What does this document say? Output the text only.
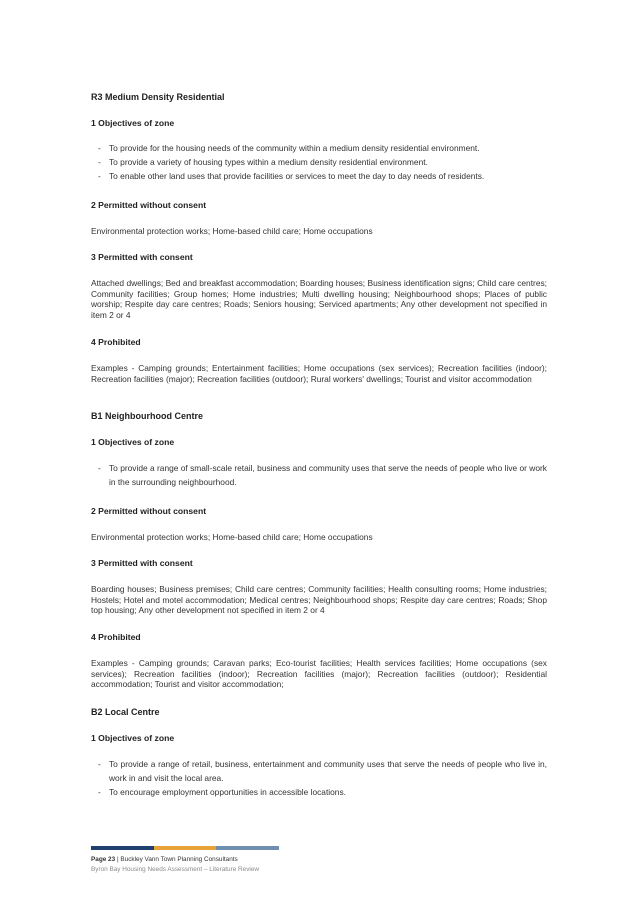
R3 Medium Density Residential
1 Objectives of zone
- To provide for the housing needs of the community within a medium density residential environment.
- To provide a variety of housing types within a medium density residential environment.
- To enable other land uses that provide facilities or services to meet the day to day needs of residents.
2 Permitted without consent
Environmental protection works; Home-based child care; Home occupations
3 Permitted with consent
Attached dwellings; Bed and breakfast accommodation; Boarding houses; Business identification signs; Child care centres; Community facilities; Group homes; Home industries; Multi dwelling housing; Neighbourhood shops; Places of public worship; Respite day care centres; Roads; Seniors housing; Serviced apartments; Any other development not specified in item 2 or 4
4 Prohibited
Examples - Camping grounds; Entertainment facilities; Home occupations (sex services); Recreation facilities (indoor); Recreation facilities (major); Recreation facilities (outdoor); Rural workers' dwellings; Tourist and visitor accommodation
B1 Neighbourhood Centre
1 Objectives of zone
- To provide a range of small-scale retail, business and community uses that serve the needs of people who live or work in the surrounding neighbourhood.
2 Permitted without consent
Environmental protection works; Home-based child care; Home occupations
3 Permitted with consent
Boarding houses; Business premises; Child care centres; Community facilities; Health consulting rooms; Home industries; Hostels; Hotel and motel accommodation; Medical centres; Neighbourhood shops; Respite day care centres; Roads; Shop top housing; Any other development not specified in item 2 or 4
4 Prohibited
Examples - Camping grounds; Caravan parks; Eco-tourist facilities; Health services facilities; Home occupations (sex services); Recreation facilities (indoor); Recreation facilities (major); Recreation facilities (outdoor); Residential accommodation; Tourist and visitor accommodation;
B2 Local Centre
1 Objectives of zone
- To provide a range of retail, business, entertainment and community uses that serve the needs of people who live in, work in and visit the local area.
- To encourage employment opportunities in accessible locations.
Page 23 | Buckley Vann Town Planning Consultants
Byron Bay Housing Needs Assessment – Literature Review
